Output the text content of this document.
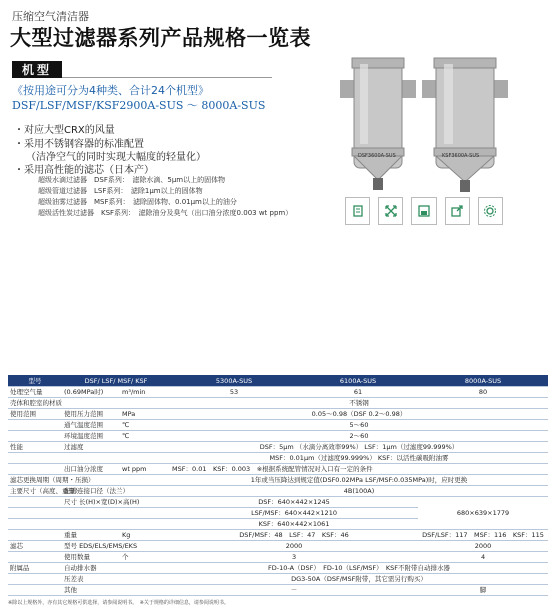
压缩空气清洁器
大型过滤器系列产品规格一览表
机型
《按用途可分为4种类、合计24个机型》
DSF/LSF/MSF/KSF2900A-SUS ～ 8000A-SUS
・对应大型CRX的风量
・采用不锈钢容器的标准配置
（洁净空气的同时实现大幅度的轻量化）
・采用高性能的滤芯（日本产）
超级水滴过滤器　 DSF系列：　 滤除水滴、5μm以上的固体物
超级管道过滤器　 LSF系列：　 滤除1μm以上的固体物
超级油雾过滤器　 MSF系列：　 滤除固体物、0.01μm以上的油分
超级活性炭过滤器　 KSF系列：　 滤除油分及臭气（出口油分浓度0.003 wt ppm）
DSF3600A-SUS	KSF3600A-SUS
型号	DSF/ LSF/ MSF/ KSF		5300A-SUS	6100A-SUS	8000A-SUS
处理空气量	(0.69MPa时)	m³/min	53	61	80
壳体和腔室的材质			不锈钢		
使用范围	使用压力范围	MPa	0.05～0.98（DSF 0.2～0.98）		
	通气温度范围	℃	5～60		
	环境温度范围	℃	2～60		
性能	过滤度		DSF：5μm （水滴分离效率99%） LSF：1μm（过滤度99.999%）		
			MSF：0.01μm（过滤度99.999%） KSF：以活性碳吸附油雾		
	出口油分浓度	wt ppm	MSF：0.01　KSF：0.003　※根据系统配管情况对入口有一定的条件		
滤芯更换周期（周期・压损）			1年或当压降达到规定值(DSF0.02MPa LSF/MSF:0.035MPa)时，应时更换		
主要尺寸（高度、重量）	配管连接口径（法兰）		4B(100A)		
	尺寸 长(H)×宽(D)×高(H)		DSF：640×442×1245		680×639×1779
			LSF/MSF：640×442×1210		
			KSF：640×442×1061		
	重量	Kg	DSF/MSF：48　LSF：47　KSF：46		DSF/LSF：117　MSF：116　KSF：115
滤芯	型号 EDS/ELS/EMS/EKS		2000		2000
	使用数量	个	3		4
附属品	自动排水器		FD-10-A（DSF）　FD-10（LSF/MSF）　KSF不附带自动排水器		
	压差表		DG3-50A（DSF/MSF附带，其它需另行购买）		
	其他		－		脚
※除以上规格外，亦有其它规格可供选择，请参阅说明书。　※关于规格的详细信息，请参阅说明书。
